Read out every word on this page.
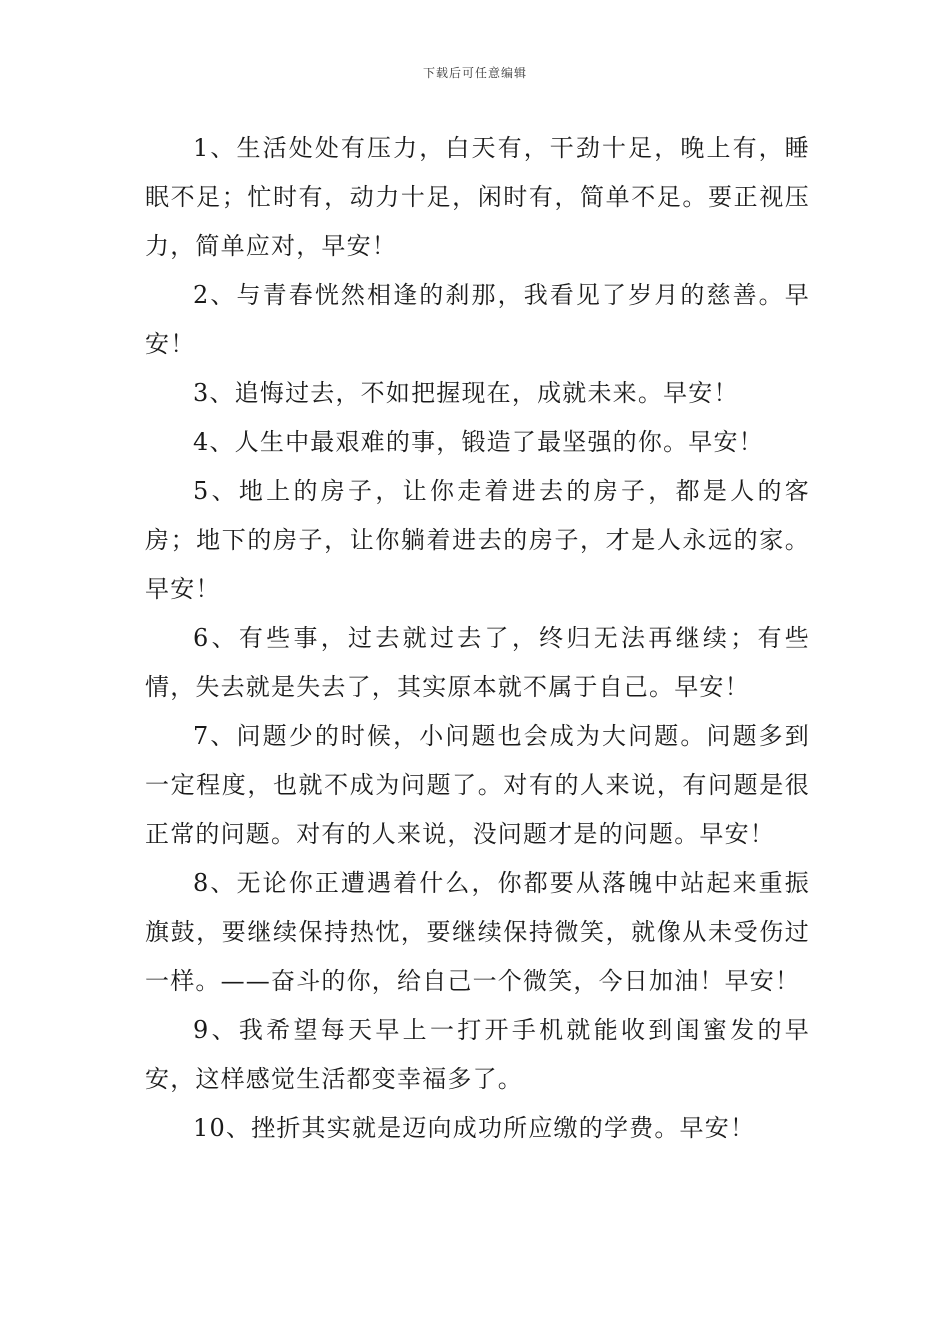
下载后可任意编辑

1、生活处处有压力，白天有，干劲十足，晚上有，睡眠不足；忙时有，动力十足，闲时有，简单不足。要正视压力，简单应对，早安！

2、与青春恍然相逢的刹那，我看见了岁月的慈善。早安！

3、追悔过去，不如把握现在，成就未来。早安！

4、人生中最艰难的事，锻造了最坚强的你。早安！

5、地上的房子，让你走着进去的房子，都是人的客房；地下的房子，让你躺着进去的房子，才是人永远的家。早安！

6、有些事，过去就过去了，终归无法再继续；有些情，失去就是失去了，其实原本就不属于自己。早安！

7、问题少的时候，小问题也会成为大问题。问题多到一定程度，也就不成为问题了。对有的人来说，有问题是很正常的问题。对有的人来说，没问题才是的问题。早安！

8、无论你正遭遇着什么，你都要从落魄中站起来重振旗鼓，要继续保持热忱，要继续保持微笑，就像从未受伤过一样。——奋斗的你，给自己一个微笑，今日加油！早安！

9、我希望每天早上一打开手机就能收到闺蜜发的早安，这样感觉生活都变幸福多了。

10、挫折其实就是迈向成功所应缴的学费。早安！
